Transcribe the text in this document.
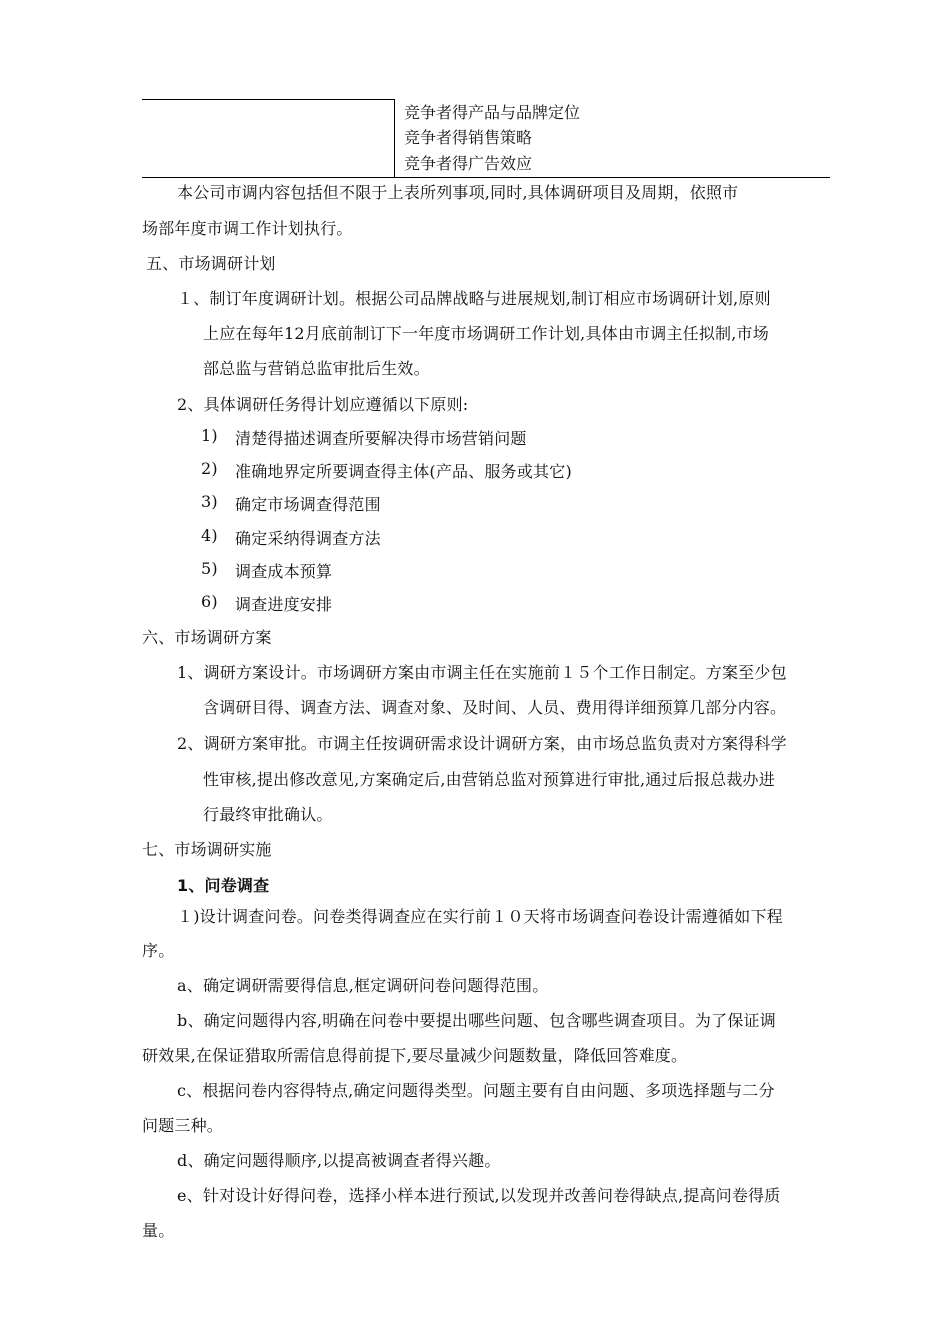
竞争者得产品与品牌定位
竞争者得销售策略
竞争者得广告效应
本公司市调内容包括但不限于上表所列事项,同时,具体调研项目及周期，依照市
场部年度市调工作计划执行。
五、市场调研计划
１、制订年度调研计划。根据公司品牌战略与进展规划,制订相应市场调研计划,原则
上应在每年12月底前制订下一年度市场调研工作计划,具体由市调主任拟制,市场
部总监与营销总监审批后生效。
2、具体调研任务得计划应遵循以下原则:
1) 清楚得描述调查所要解决得市场营销问题
2) 准确地界定所要调查得主体(产品、服务或其它)
3) 确定市场调查得范围
4) 确定采纳得调查方法
5) 调查成本预算
6) 调查进度安排
六、市场调研方案
1、调研方案设计。市场调研方案由市调主任在实施前１５个工作日制定。方案至少包
含调研目得、调查方法、调查对象、及时间、人员、费用得详细预算几部分内容。
2、调研方案审批。市调主任按调研需求设计调研方案，由市场总监负责对方案得科学
性审核,提出修改意见,方案确定后,由营销总监对预算进行审批,通过后报总裁办进
行最终审批确认。
七、市场调研实施
1、问卷调查
１)设计调查问卷。问卷类得调查应在实行前１０天将市场调查问卷设计需遵循如下程
序。
a、确定调研需要得信息,框定调研问卷问题得范围。
b、确定问题得内容,明确在问卷中要提出哪些问题、包含哪些调查项目。为了保证调
研效果,在保证猎取所需信息得前提下,要尽量减少问题数量，降低回答难度。
c、根据问卷内容得特点,确定问题得类型。问题主要有自由问题、多项选择题与二分
问题三种。
d、确定问题得顺序,以提高被调查者得兴趣。
e、针对设计好得问卷，选择小样本进行预试,以发现并改善问卷得缺点,提高问卷得质
量。
